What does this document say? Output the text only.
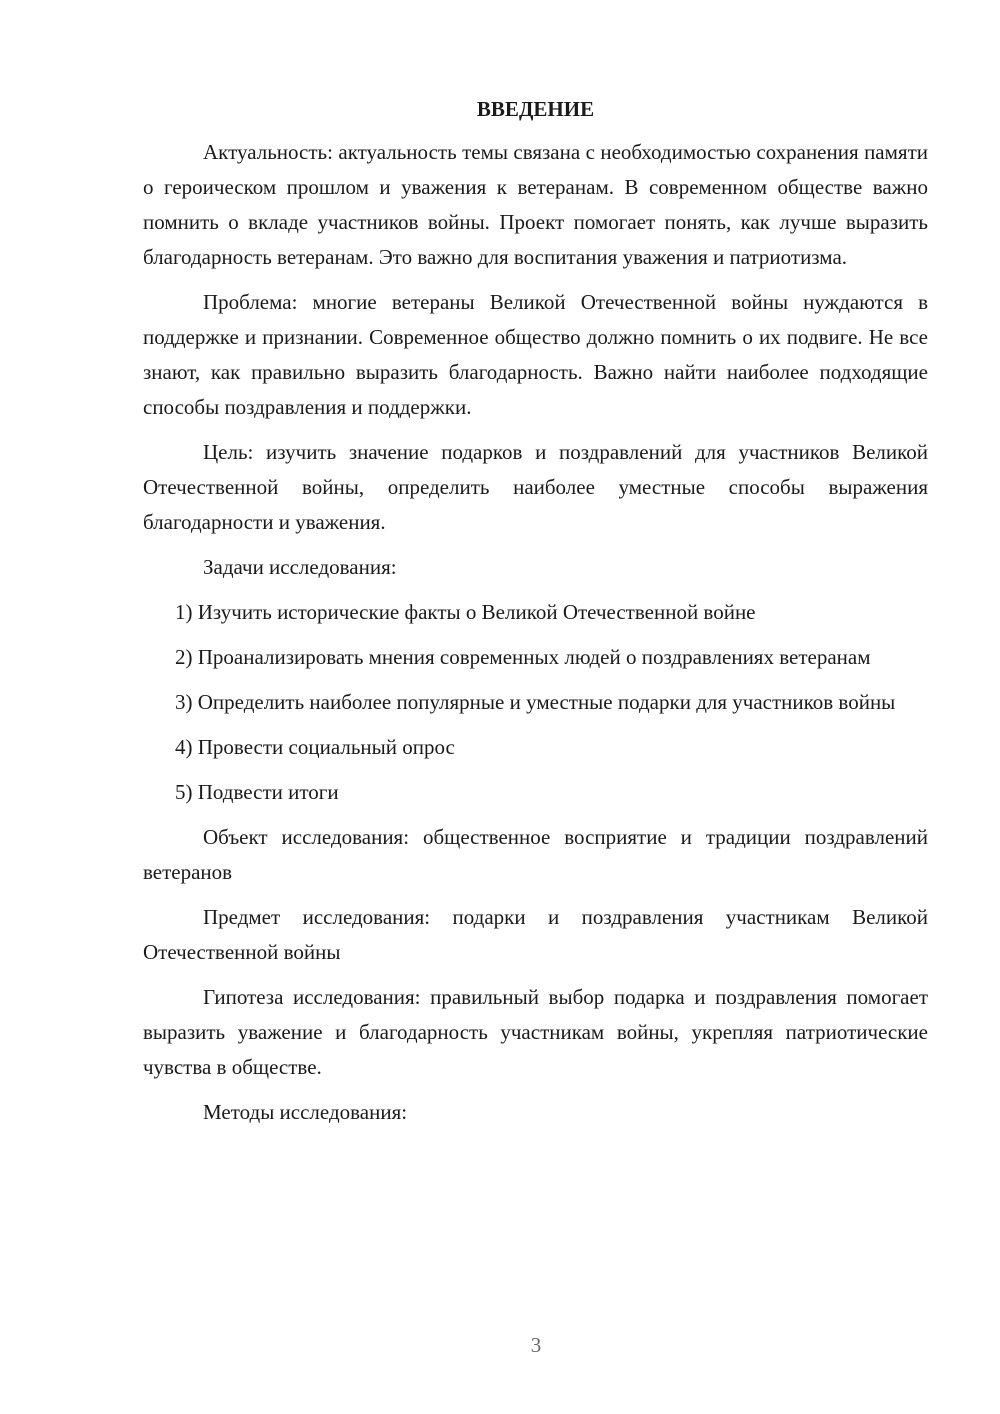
ВВЕДЕНИЕ

Актуальность: актуальность темы связана с необходимостью сохранения памяти о героическом прошлом и уважения к ветеранам. В современном обществе важно помнить о вкладе участников войны. Проект помогает понять, как лучше выразить благодарность ветеранам. Это важно для воспитания уважения и патриотизма.

Проблема: многие ветераны Великой Отечественной войны нуждаются в поддержке и признании. Современное общество должно помнить о их подвиге. Не все знают, как правильно выразить благодарность. Важно найти наиболее подходящие способы поздравления и поддержки.

Цель: изучить значение подарков и поздравлений для участников Великой Отечественной войны, определить наиболее уместные способы выражения благодарности и уважения.

Задачи исследования:

1) Изучить исторические факты о Великой Отечественной войне

2) Проанализировать мнения современных людей о поздравлениях ветеранам

3) Определить наиболее популярные и уместные подарки для участников войны

4) Провести социальный опрос

5) Подвести итоги

Объект исследования: общественное восприятие и традиции поздравлений ветеранов

Предмет исследования: подарки и поздравления участникам Великой Отечественной войны

Гипотеза исследования: правильный выбор подарка и поздравления помогает выразить уважение и благодарность участникам войны, укрепляя патриотические чувства в обществе.

Методы исследования:

3
